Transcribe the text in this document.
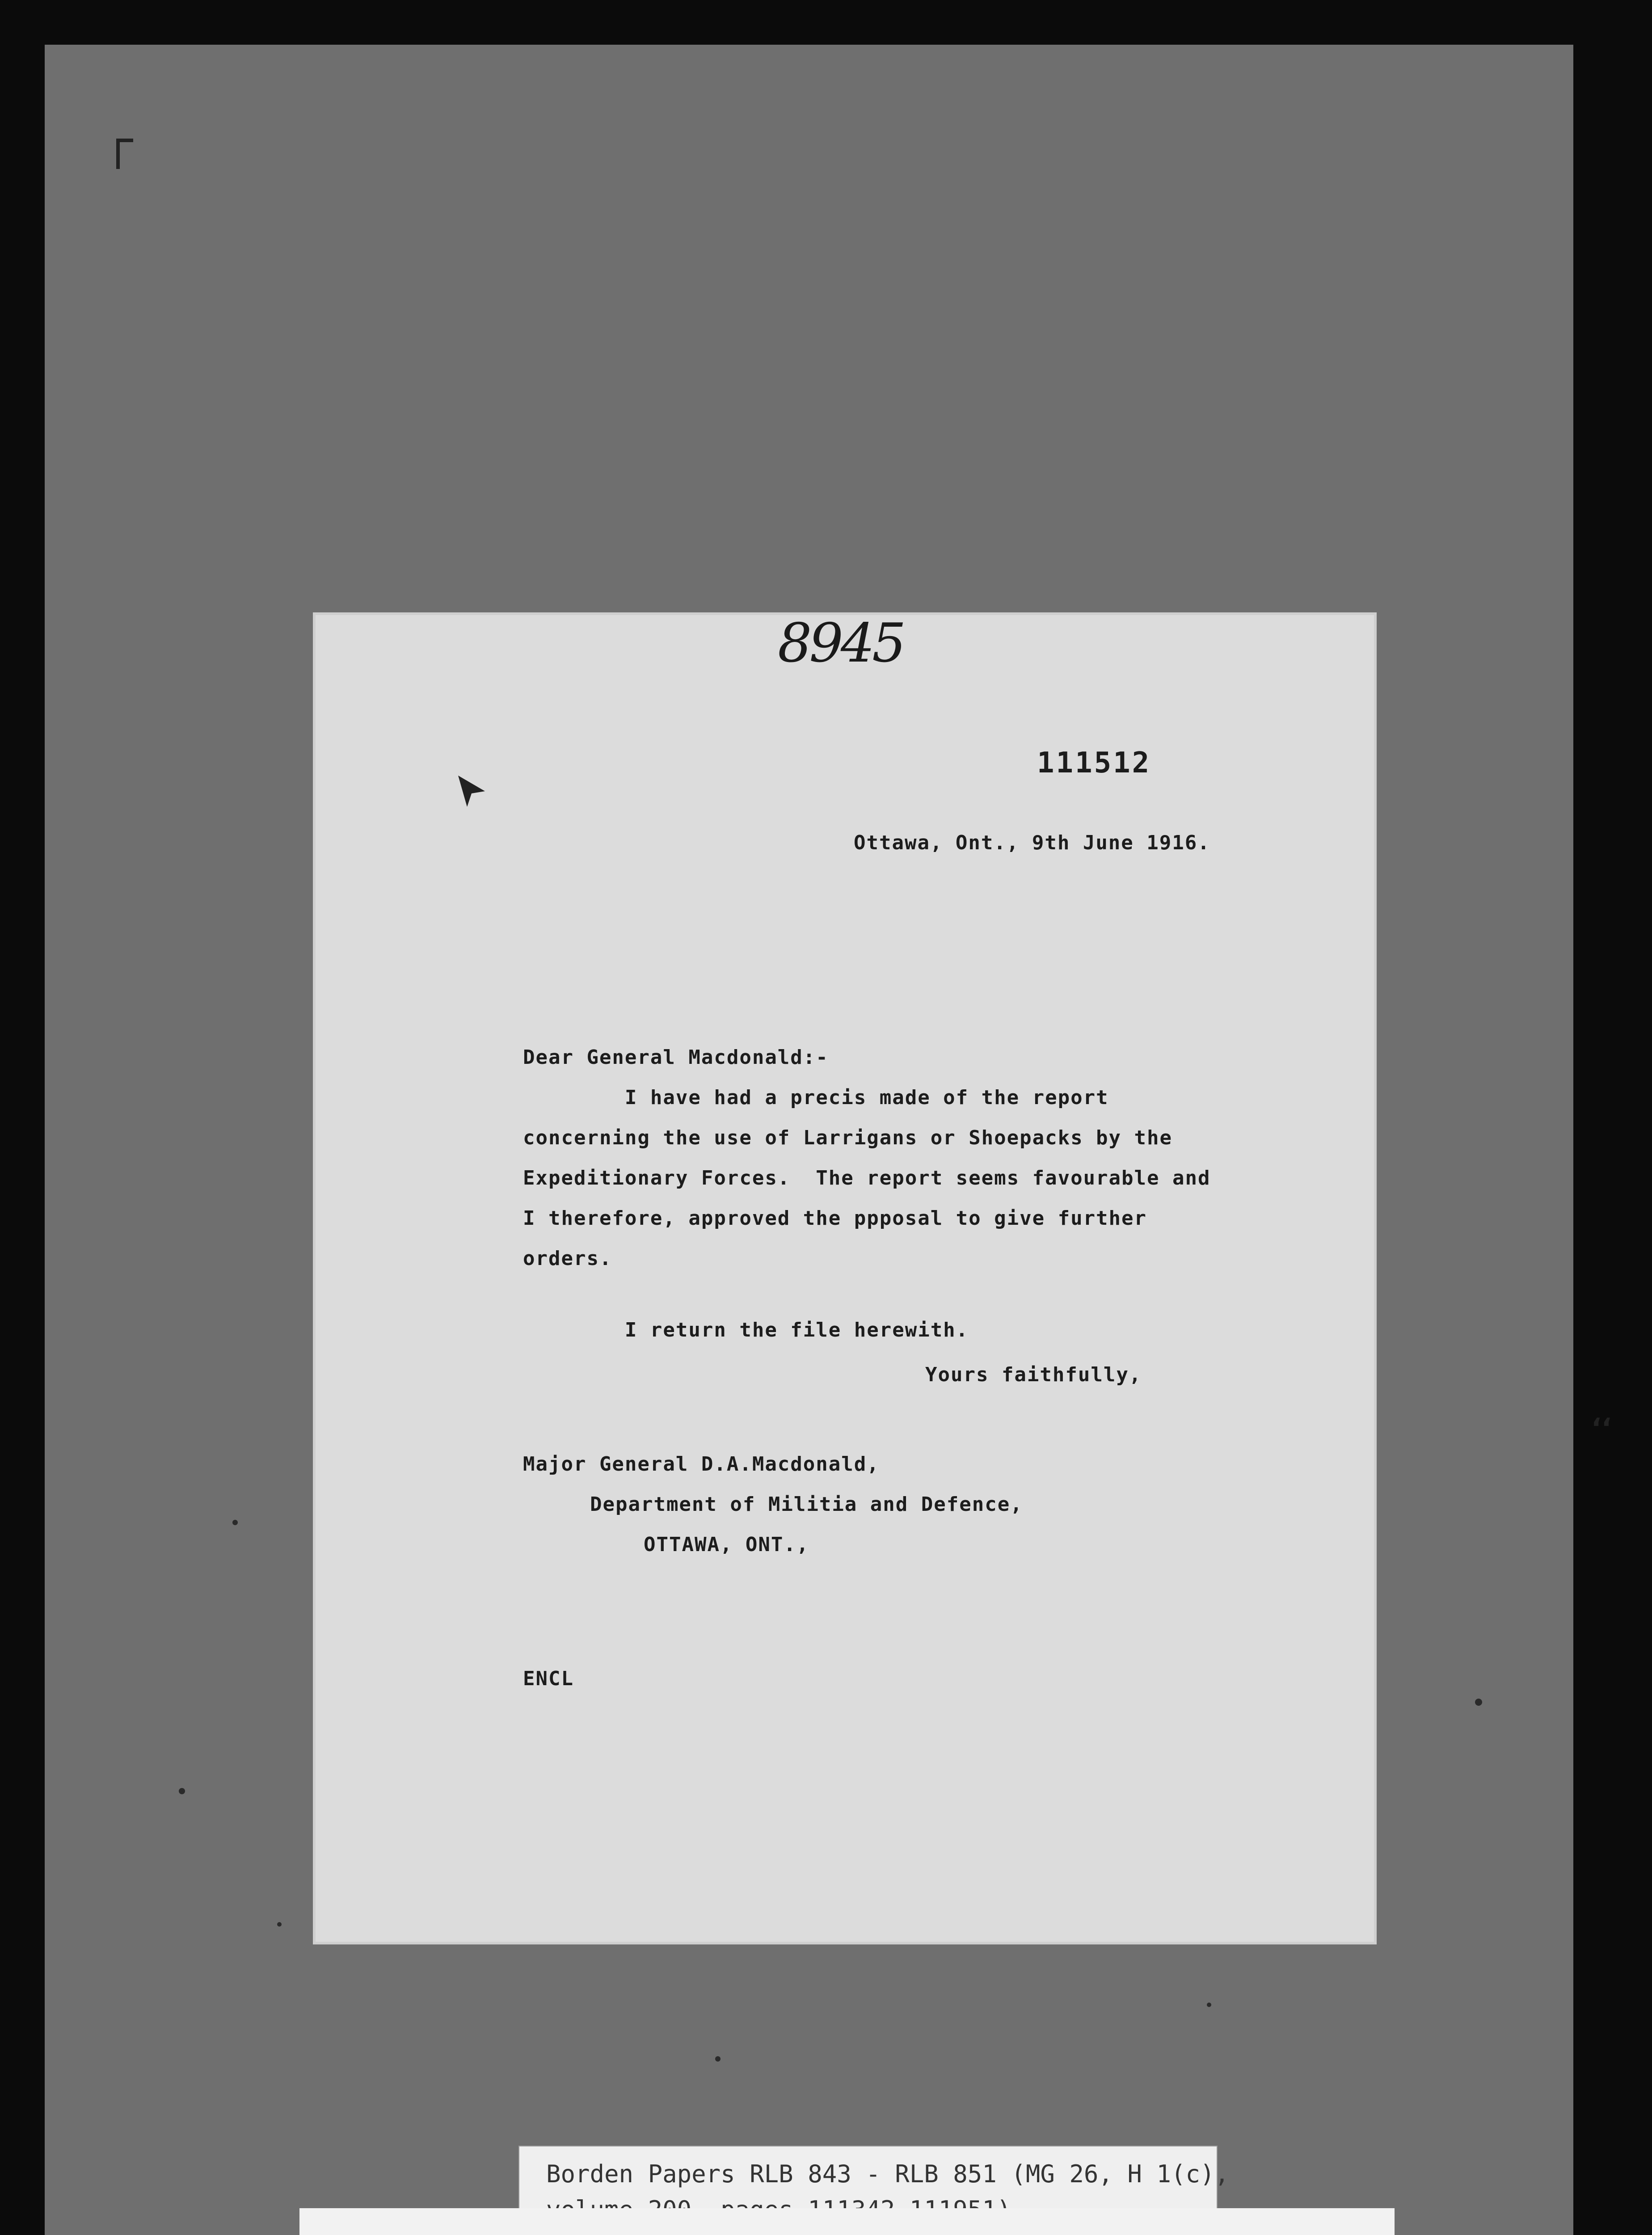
‘‘
8945
111512
Ottawa, Ont., 9th June 1916.
Dear General Macdonald:-
I have had a precis made of the report
concerning the use of Larrigans or Shoepacks by the
Expeditionary Forces.  The report seems favourable and
I therefore, approved the ppposal to give further
orders.
I return the file herewith.
Yours faithfully,
Major General D.A.Macdonald,
Department of Militia and Defence,
OTTAWA, ONT.,
ENCL
Borden Papers RLB 843 - RLB 851 (MG 26, H 1(c),
